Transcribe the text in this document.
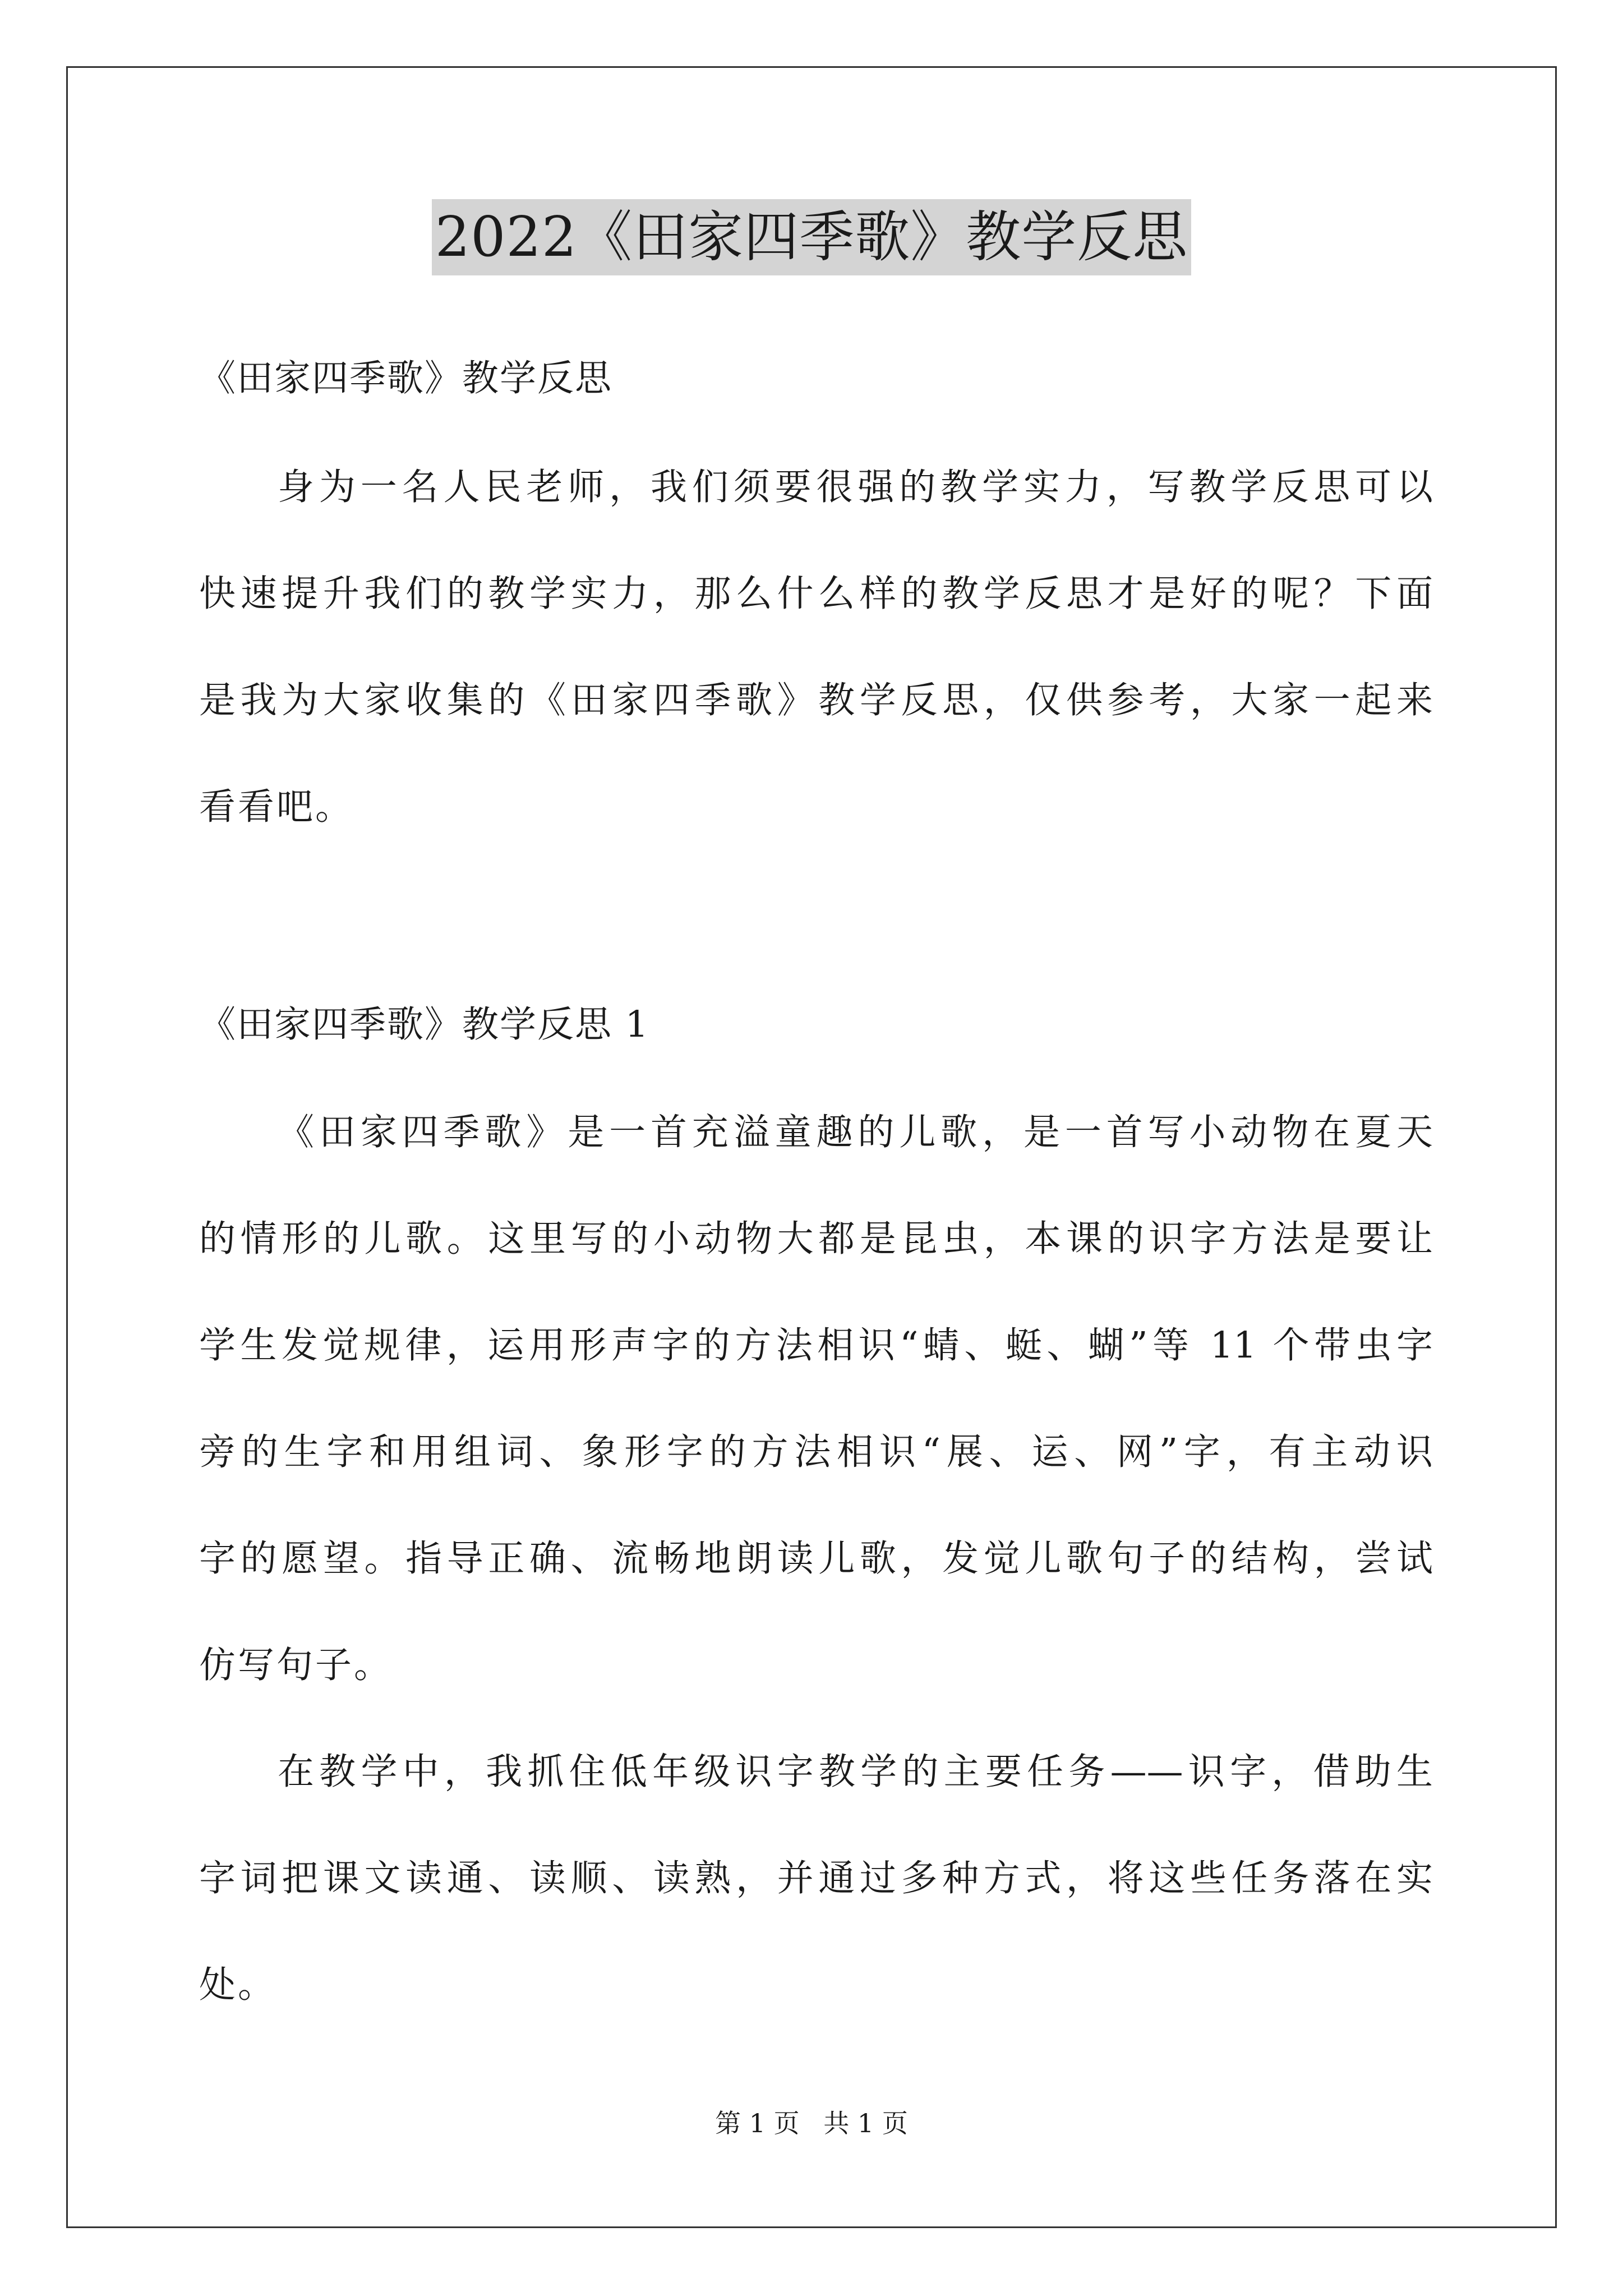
2022《田家四季歌》教学反思
《田家四季歌》教学反思
身为一名人民老师，我们须要很强的教学实力，写教学反思可以
快速提升我们的教学实力，那么什么样的教学反思才是好的呢？下面
是我为大家收集的《田家四季歌》教学反思，仅供参考，大家一起来
看看吧。
《田家四季歌》教学反思 1
《田家四季歌》是一首充溢童趣的儿歌，是一首写小动物在夏天
的情形的儿歌。这里写的小动物大都是昆虫，本课的识字方法是要让
学生发觉规律，运用形声字的方法相识“蜻、蜓、蝴”等 11 个带虫字
旁的生字和用组词、象形字的方法相识“展、运、网”字，有主动识
字的愿望。指导正确、流畅地朗读儿歌，发觉儿歌句子的结构，尝试
仿写句子。
在教学中，我抓住低年级识字教学的主要任务——识字，借助生
字词把课文读通、读顺、读熟，并通过多种方式，将这些任务落在实
处。
第 1 页 共 1 页
